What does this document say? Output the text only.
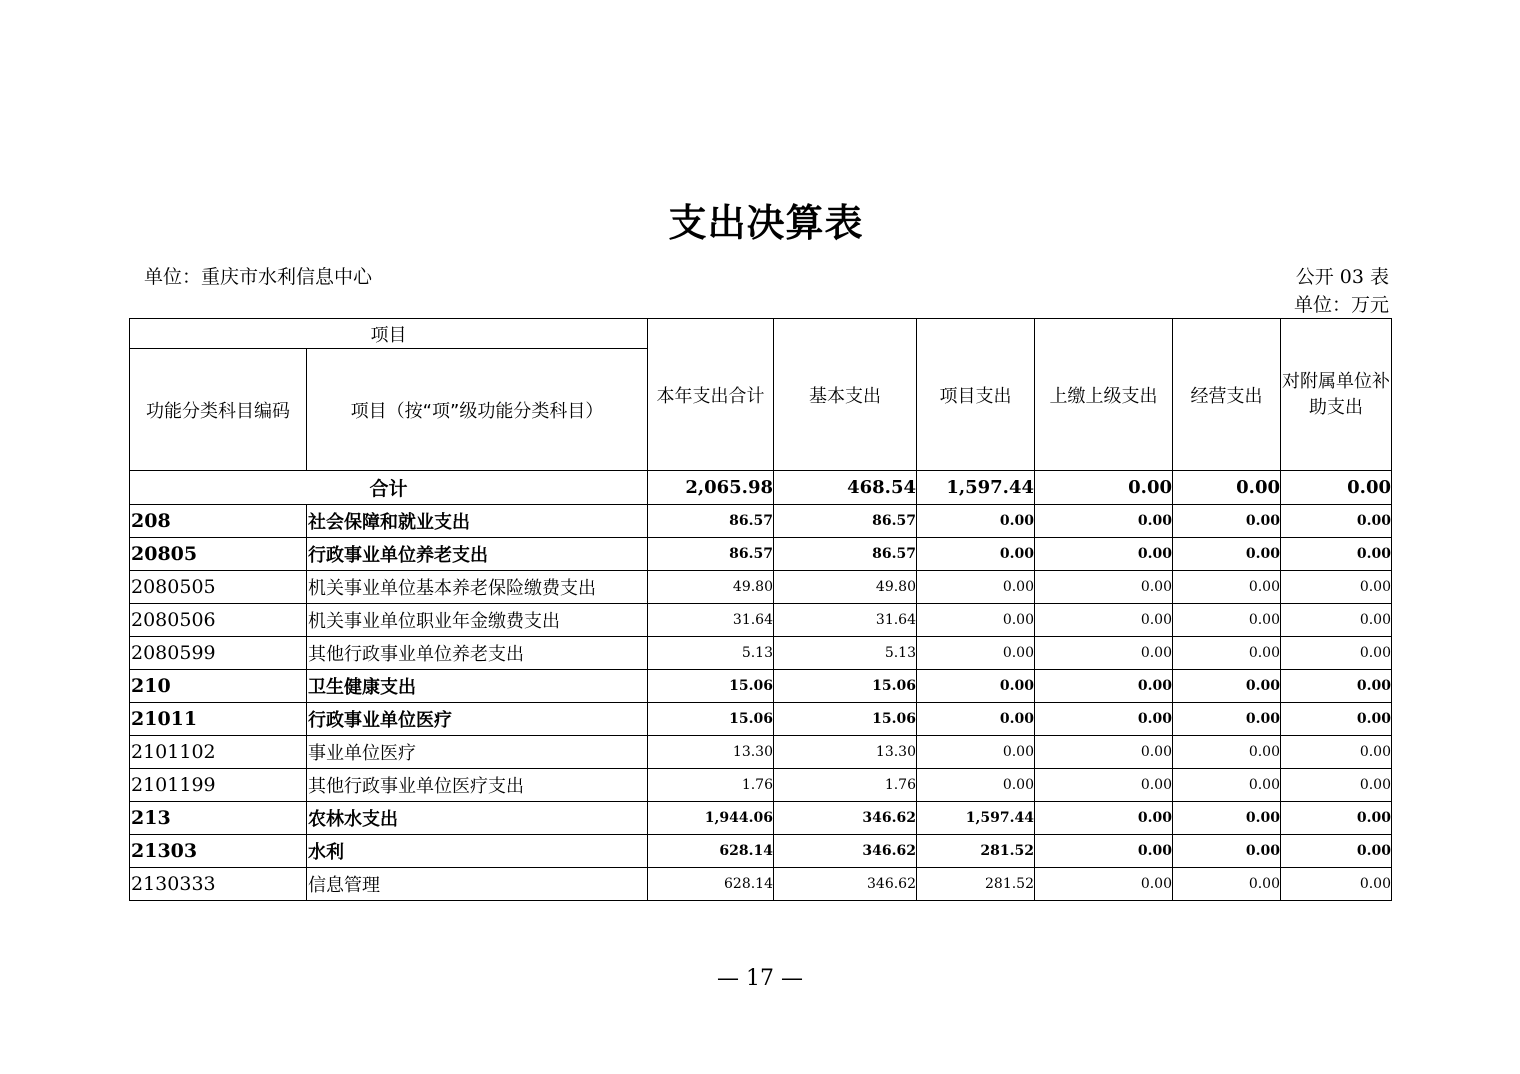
支出决算表
单位：重庆市水利信息中心	公开 03 表
单位：万元
项目		本年支出合计	基本支出	项目支出	上缴上级支出	经营支出	对附属单位补助支出
功能分类科目编码	项目（按“项”级功能分类科目）						
合计		2,065.98	468.54	1,597.44	0.00	0.00	0.00
208	社会保障和就业支出	86.57	86.57	0.00	0.00	0.00	0.00
20805	行政事业单位养老支出	86.57	86.57	0.00	0.00	0.00	0.00
2080505	机关事业单位基本养老保险缴费支出	49.80	49.80	0.00	0.00	0.00	0.00
2080506	机关事业单位职业年金缴费支出	31.64	31.64	0.00	0.00	0.00	0.00
2080599	其他行政事业单位养老支出	5.13	5.13	0.00	0.00	0.00	0.00
210	卫生健康支出	15.06	15.06	0.00	0.00	0.00	0.00
21011	行政事业单位医疗	15.06	15.06	0.00	0.00	0.00	0.00
2101102	事业单位医疗	13.30	13.30	0.00	0.00	0.00	0.00
2101199	其他行政事业单位医疗支出	1.76	1.76	0.00	0.00	0.00	0.00
213	农林水支出	1,944.06	346.62	1,597.44	0.00	0.00	0.00
21303	水利	628.14	346.62	281.52	0.00	0.00	0.00
2130333	信息管理	628.14	346.62	281.52	0.00	0.00	0.00
— 17 —
